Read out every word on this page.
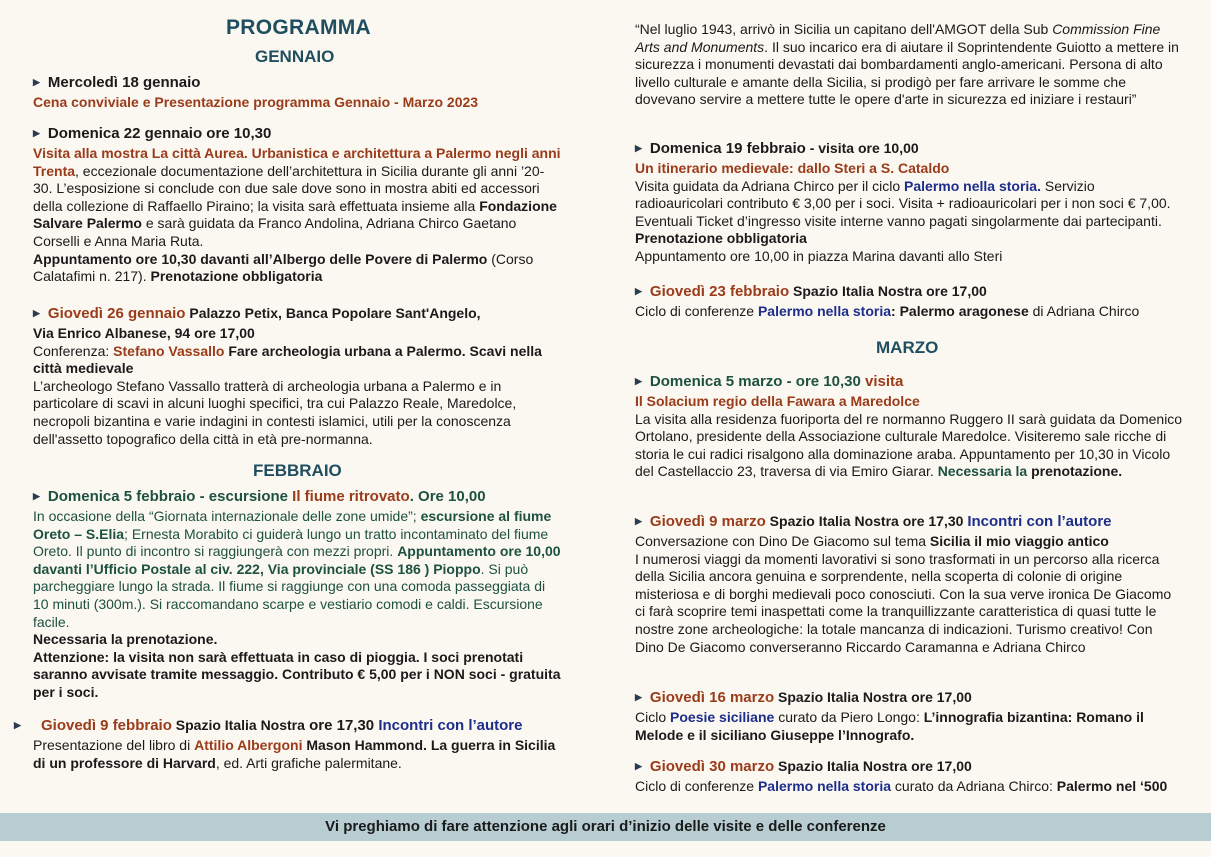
PROGRAMMA
GENNAIO
▶ Mercoledì 18 gennaio
Cena conviviale e Presentazione programma Gennaio - Marzo 2023
▶ Domenica 22 gennaio ore 10,30
Visita alla mostra La città Aurea. Urbanistica e architettura a Palermo negli anni Trenta, eccezionale documentazione dell’architettura in Sicilia durante gli anni ’20-30. L’esposizione si conclude con due sale dove sono in mostra abiti ed accessori della collezione di Raffaello Piraino; la visita sarà effettuata insieme alla Fondazione Salvare Palermo e sarà guidata da Franco Andolina, Adriana Chirco Gaetano Corselli e Anna Maria Ruta.
Appuntamento ore 10,30 davanti all’Albergo delle Povere di Palermo (Corso Calatafimi n. 217). Prenotazione obbligatoria
▶ Giovedì 26 gennaio Palazzo Petix, Banca Popolare Sant'Angelo,
Via Enrico Albanese, 94 ore 17,00
Conferenza: Stefano Vassallo Fare archeologia urbana a Palermo. Scavi nella città medievale
L’archeologo Stefano Vassallo tratterà di archeologia urbana a Palermo e in particolare di scavi in alcuni luoghi specifici, tra cui Palazzo Reale, Maredolce, necropoli bizantina e varie indagini in contesti islamici, utili per la conoscenza dell'assetto topografico della città in età pre-normanna.
FEBBRAIO
▶ Domenica 5 febbraio - escursione Il fiume ritrovato. Ore 10,00
In occasione della “Giornata internazionale delle zone umide”; escursione al fiume Oreto – S.Elia; Ernesta Morabito ci guiderà lungo un tratto incontaminato del fiume Oreto. Il punto di incontro si raggiungerà con mezzi propri. Appuntamento ore 10,00 davanti l’Ufficio Postale al civ. 222, Via provinciale (SS 186 ) Pioppo. Si può parcheggiare lungo la strada. Il fiume si raggiunge con una comoda passeggiata di 10 minuti (300m.). Si raccomandano scarpe e vestiario comodi e caldi. Escursione facile.
Necessaria la prenotazione.
Attenzione: la visita non sarà effettuata in caso di pioggia. I soci prenotati saranno avvisate tramite messaggio. Contributo € 5,00 per i NON soci - gratuita per i soci.
▶ Giovedì 9 febbraio Spazio Italia Nostra ore 17,30 Incontri con l’autore
Presentazione del libro di Attilio Albergoni Mason Hammond. La guerra in Sicilia di un professore di Harvard, ed. Arti grafiche palermitane.
“Nel luglio 1943, arrivò in Sicilia un capitano dell'AMGOT della Sub Commission Fine Arts and Monuments. Il suo incarico era di aiutare il Soprintendente Guiotto a mettere in sicurezza i monumenti devastati dai bombardamenti anglo-americani. Persona di alto livello culturale e amante della Sicilia, si prodigò per fare arrivare le somme che dovevano servire a mettere tutte le opere d'arte in sicurezza ed iniziare i restauri”
▶ Domenica 19 febbraio - visita ore 10,00
Un itinerario medievale: dallo Steri a S. Cataldo
Visita guidata da Adriana Chirco per il ciclo Palermo nella storia. Servizio radioauricolari contributo € 3,00 per i soci. Visita + radioauricolari per i non soci € 7,00. Eventuali Ticket d’ingresso visite interne vanno pagati singolarmente dai partecipanti. Prenotazione obbligatoria
Appuntamento ore 10,00 in piazza Marina davanti allo Steri
▶ Giovedì 23 febbraio Spazio Italia Nostra ore 17,00
Ciclo di conferenze Palermo nella storia: Palermo aragonese di Adriana Chirco
MARZO
▶ Domenica 5 marzo - ore 10,30 visita
Il Solacium regio della Fawara a Maredolce
La visita alla residenza fuoriporta del re normanno Ruggero II sarà guidata da Domenico Ortolano, presidente della Associazione culturale Maredolce. Visiteremo sale ricche di storia le cui radici risalgono alla dominazione araba. Appuntamento per 10,30 in Vicolo del Castellaccio 23, traversa di via Emiro Giarar. Necessaria la prenotazione.
▶ Giovedì 9 marzo Spazio Italia Nostra ore 17,30 Incontri con l’autore
Conversazione con Dino De Giacomo sul tema Sicilia il mio viaggio antico
I numerosi viaggi da momenti lavorativi si sono trasformati in un percorso alla ricerca della Sicilia ancora genuina e sorprendente, nella scoperta di colonie di origine misteriosa e di borghi medievali poco conosciuti. Con la sua verve ironica De Giacomo ci farà scoprire temi inaspettati come la tranquillizzante caratteristica di quasi tutte le nostre zone archeologiche: la totale mancanza di indicazioni. Turismo creativo! Con Dino De Giacomo converseranno Riccardo Caramanna e Adriana Chirco
▶ Giovedì 16 marzo Spazio Italia Nostra ore 17,00
Ciclo Poesie siciliane curato da Piero Longo: L’innografia bizantina: Romano il Melode e il siciliano Giuseppe l’Innografo.
▶ Giovedì 30 marzo Spazio Italia Nostra ore 17,00
Ciclo di conferenze Palermo nella storia curato da Adriana Chirco: Palermo nel ‘500
Vi preghiamo di fare attenzione agli orari d’inizio delle visite e delle conferenze
